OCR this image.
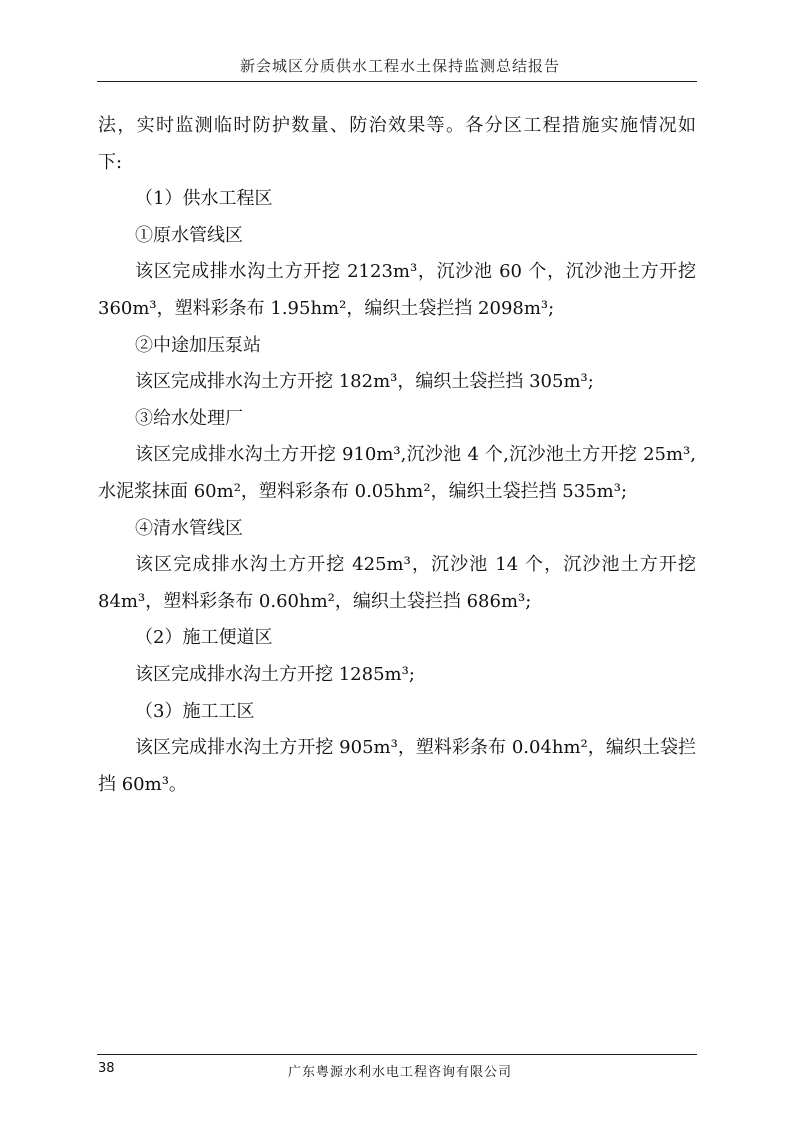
新会城区分质供水工程水土保持监测总结报告
法，实时监测临时防护数量、防治效果等。各分区工程措施实施情况如
下:
（1）供水工程区
①原水管线区
该区完成排水沟土方开挖 2123m³，沉沙池 60 个，沉沙池土方开挖
360m³，塑料彩条布 1.95hm²，编织土袋拦挡 2098m³;
②中途加压泵站
该区完成排水沟土方开挖 182m³，编织土袋拦挡 305m³;
③给水处理厂
该区完成排水沟土方开挖 910m³,沉沙池 4 个,沉沙池土方开挖 25m³,
水泥浆抹面 60m²，塑料彩条布 0.05hm²，编织土袋拦挡 535m³;
④清水管线区
该区完成排水沟土方开挖 425m³，沉沙池 14 个，沉沙池土方开挖
84m³，塑料彩条布 0.60hm²，编织土袋拦挡 686m³;
（2）施工便道区
该区完成排水沟土方开挖 1285m³;
（3）施工工区
该区完成排水沟土方开挖 905m³，塑料彩条布 0.04hm²，编织土袋拦
挡 60m³。
38	广东粤源水利水电工程咨询有限公司
